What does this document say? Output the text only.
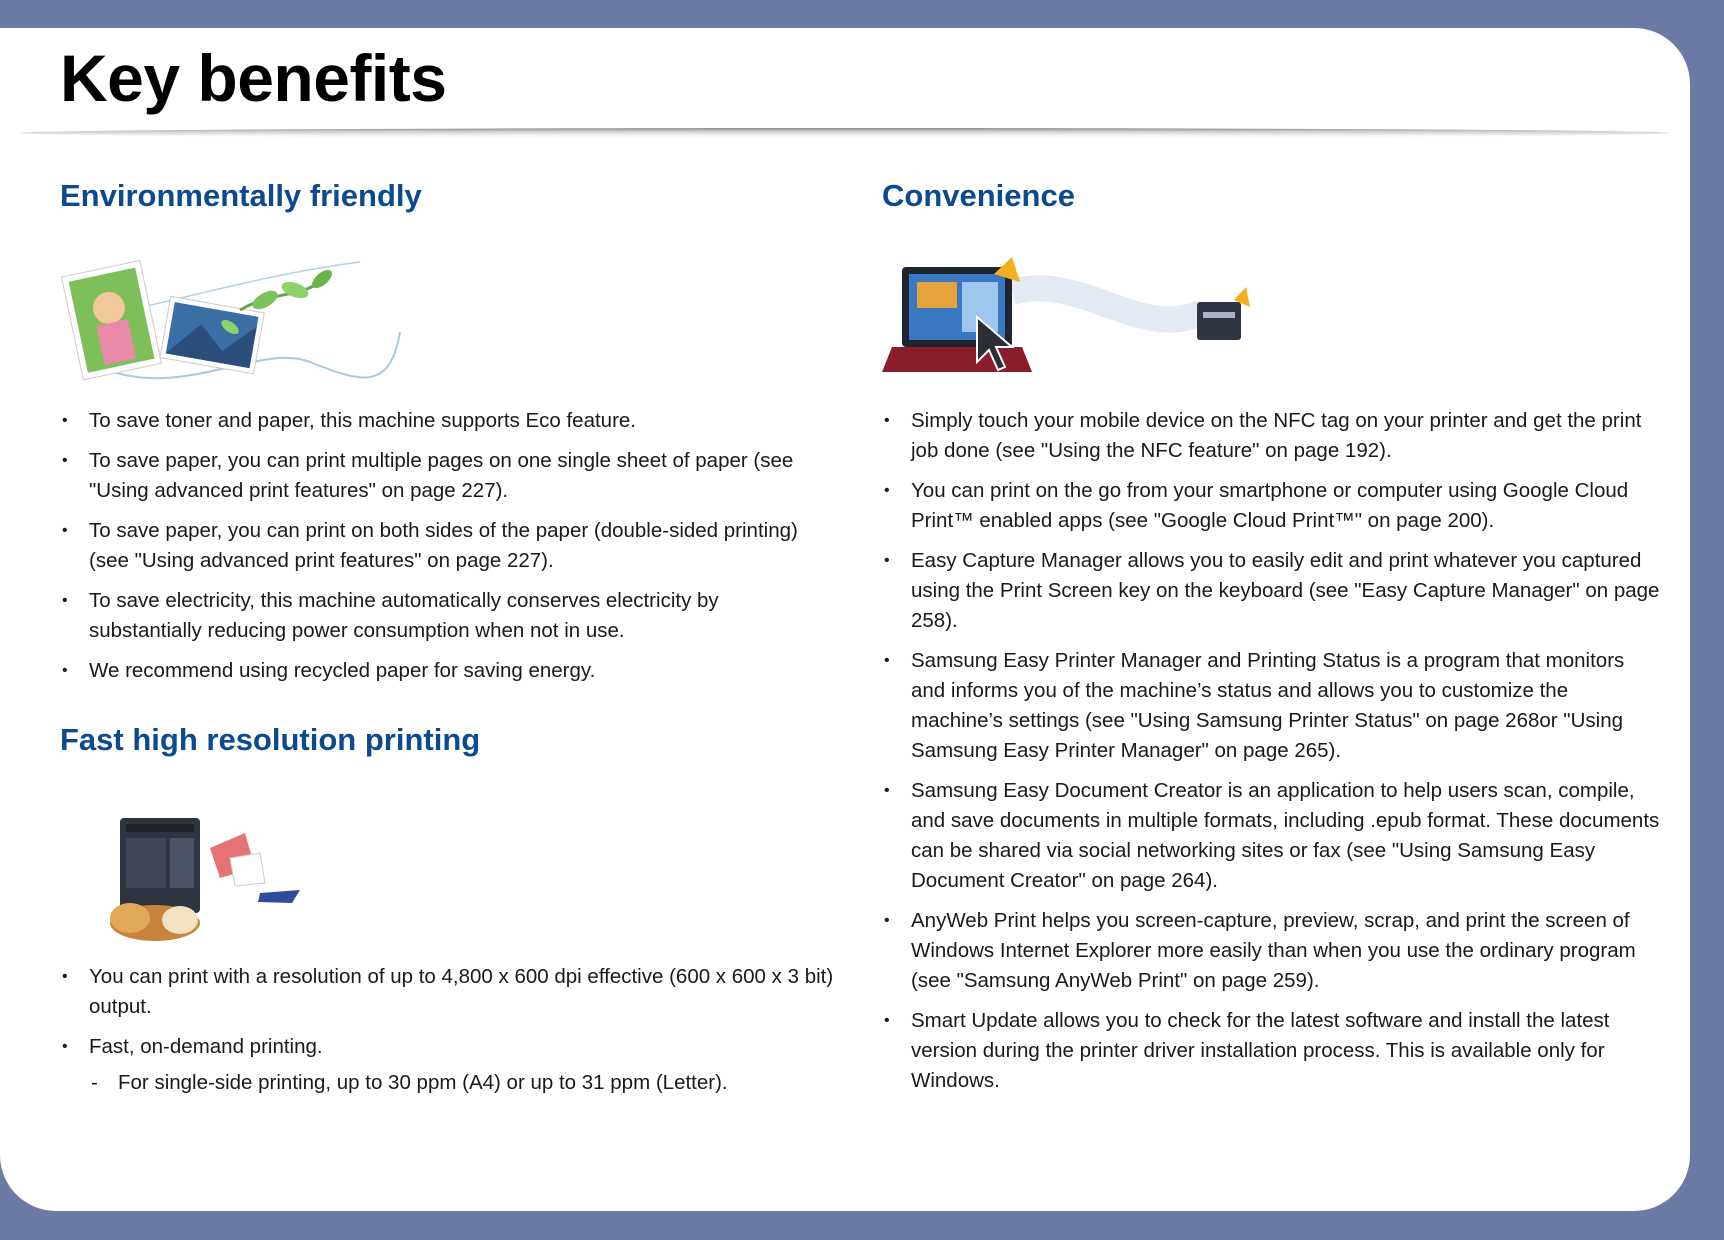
Key benefits
Environmentally friendly
• To save toner and paper, this machine supports Eco feature.
• To save paper, you can print multiple pages on one single sheet of paper (see "Using advanced print features" on page 227).
• To save paper, you can print on both sides of the paper (double-sided printing) (see "Using advanced print features" on page 227).
• To save electricity, this machine automatically conserves electricity by substantially reducing power consumption when not in use.
• We recommend using recycled paper for saving energy.
Fast high resolution printing
• You can print with a resolution of up to 4,800 x 600 dpi effective (600 x 600 x 3 bit) output.
• Fast, on-demand printing.
- For single-side printing, up to 30 ppm (A4) or up to 31 ppm (Letter).
Convenience
• Simply touch your mobile device on the NFC tag on your printer and get the print job done (see "Using the NFC feature" on page 192).
• You can print on the go from your smartphone or computer using Google Cloud Print™ enabled apps (see "Google Cloud Print™" on page 200).
• Easy Capture Manager allows you to easily edit and print whatever you captured using the Print Screen key on the keyboard (see "Easy Capture Manager" on page 258).
• Samsung Easy Printer Manager and Printing Status is a program that monitors and informs you of the machine’s status and allows you to customize the machine’s settings (see "Using Samsung Printer Status" on page 268or "Using Samsung Easy Printer Manager" on page 265).
• Samsung Easy Document Creator is an application to help users scan, compile, and save documents in multiple formats, including .epub format. These documents can be shared via social networking sites or fax (see "Using Samsung Easy Document Creator" on page 264).
• AnyWeb Print helps you screen-capture, preview, scrap, and print the screen of Windows Internet Explorer more easily than when you use the ordinary program (see "Samsung AnyWeb Print" on page 259).
• Smart Update allows you to check for the latest software and install the latest version during the printer driver installation process. This is available only for Windows.
